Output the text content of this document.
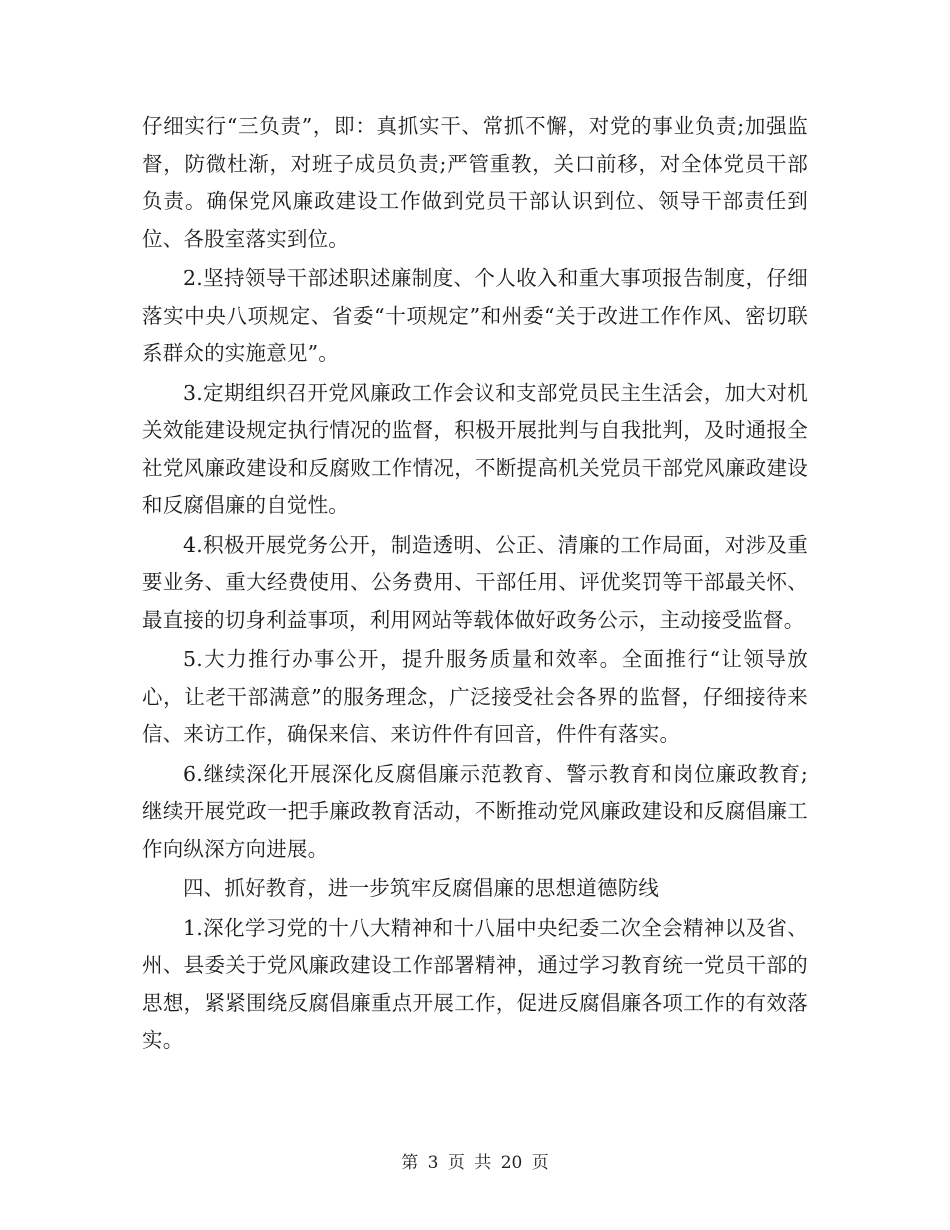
仔细实行“三负责”，即：真抓实干、常抓不懈，对党的事业负责;加强监督，防微杜渐，对班子成员负责;严管重教，关口前移，对全体党员干部负责。确保党风廉政建设工作做到党员干部认识到位、领导干部责任到位、各股室落实到位。

2.坚持领导干部述职述廉制度、个人收入和重大事项报告制度，仔细落实中央八项规定、省委“十项规定”和州委“关于改进工作作风、密切联系群众的实施意见”。

3.定期组织召开党风廉政工作会议和支部党员民主生活会，加大对机关效能建设规定执行情况的监督，积极开展批判与自我批判，及时通报全社党风廉政建设和反腐败工作情况，不断提高机关党员干部党风廉政建设和反腐倡廉的自觉性。

4.积极开展党务公开，制造透明、公正、清廉的工作局面，对涉及重要业务、重大经费使用、公务费用、干部任用、评优奖罚等干部最关怀、最直接的切身利益事项，利用网站等载体做好政务公示，主动接受监督。

5.大力推行办事公开，提升服务质量和效率。全面推行“让领导放心，让老干部满意”的服务理念，广泛接受社会各界的监督，仔细接待来信、来访工作，确保来信、来访件件有回音，件件有落实。

6.继续深化开展深化反腐倡廉示范教育、警示教育和岗位廉政教育;继续开展党政一把手廉政教育活动，不断推动党风廉政建设和反腐倡廉工作向纵深方向进展。

四、抓好教育，进一步筑牢反腐倡廉的思想道德防线

1.深化学习党的十八大精神和十八届中央纪委二次全会精神以及省、州、县委关于党风廉政建设工作部署精神，通过学习教育统一党员干部的思想，紧紧围绕反腐倡廉重点开展工作，促进反腐倡廉各项工作的有效落实。

第 3 页 共 20 页
